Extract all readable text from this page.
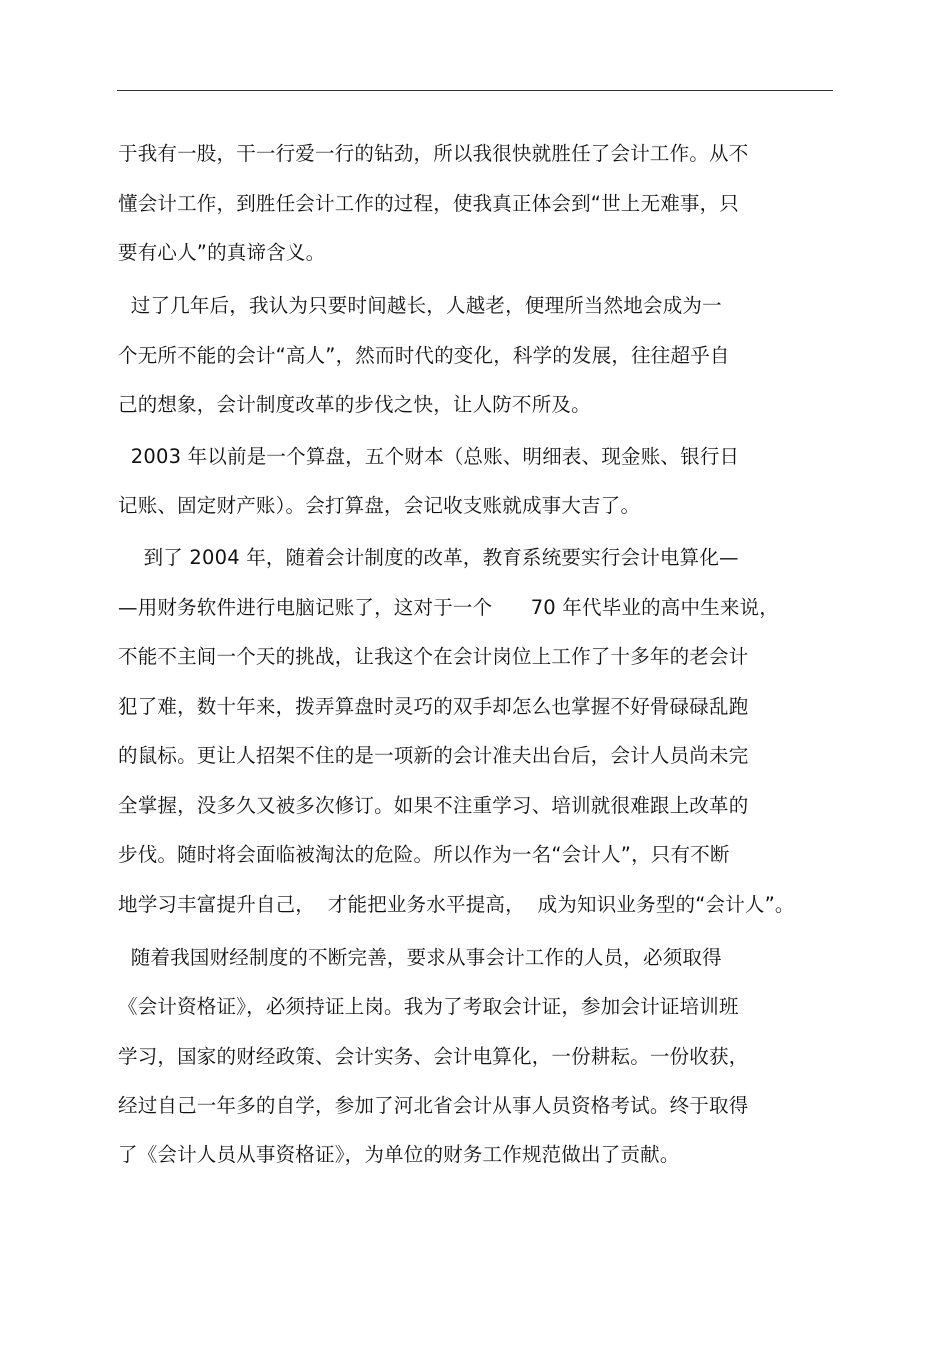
于我有一股，干一行爱一行的钻劲，所以我很快就胜任了会计工作。从不
懂会计工作，到胜任会计工作的过程，使我真正体会到“世上无难事，只
要有心人”的真谛含义。
过了几年后，我认为只要时间越长，人越老，便理所当然地会成为一
个无所不能的会计“高人”，然而时代的变化，科学的发展，往往超乎自
己的想象，会计制度改革的步伐之快，让人防不所及。
2003 年以前是一个算盘，五个财本（总账、明细表、现金账、银行日
记账、固定财产账）。会打算盘，会记收支账就成事大吉了。
到了 2004 年，随着会计制度的改革，教育系统要实行会计电算化—
—用财务软件进行电脑记账了，这对于一个      70 年代毕业的高中生来说，
不能不主间一个天的挑战，让我这个在会计岗位上工作了十多年的老会计
犯了难，数十年来，拨弄算盘时灵巧的双手却怎么也掌握不好骨碌碌乱跑
的鼠标。更让人招架不住的是一项新的会计准夫出台后，会计人员尚未完
全掌握，没多久又被多次修订。如果不注重学习、培训就很难跟上改革的
步伐。随时将会面临被淘汰的危险。所以作为一名“会计人”，只有不断
地学习丰富提升自己，  才能把业务水平提高，  成为知识业务型的“会计人”。
随着我国财经制度的不断完善，要求从事会计工作的人员，必须取得
《会计资格证》，必须持证上岗。我为了考取会计证，参加会计证培训班
学习，国家的财经政策、会计实务、会计电算化，一份耕耘。一份收获，
经过自己一年多的自学，参加了河北省会计从事人员资格考试。终于取得
了《会计人员从事资格证》，为单位的财务工作规范做出了贡献。
